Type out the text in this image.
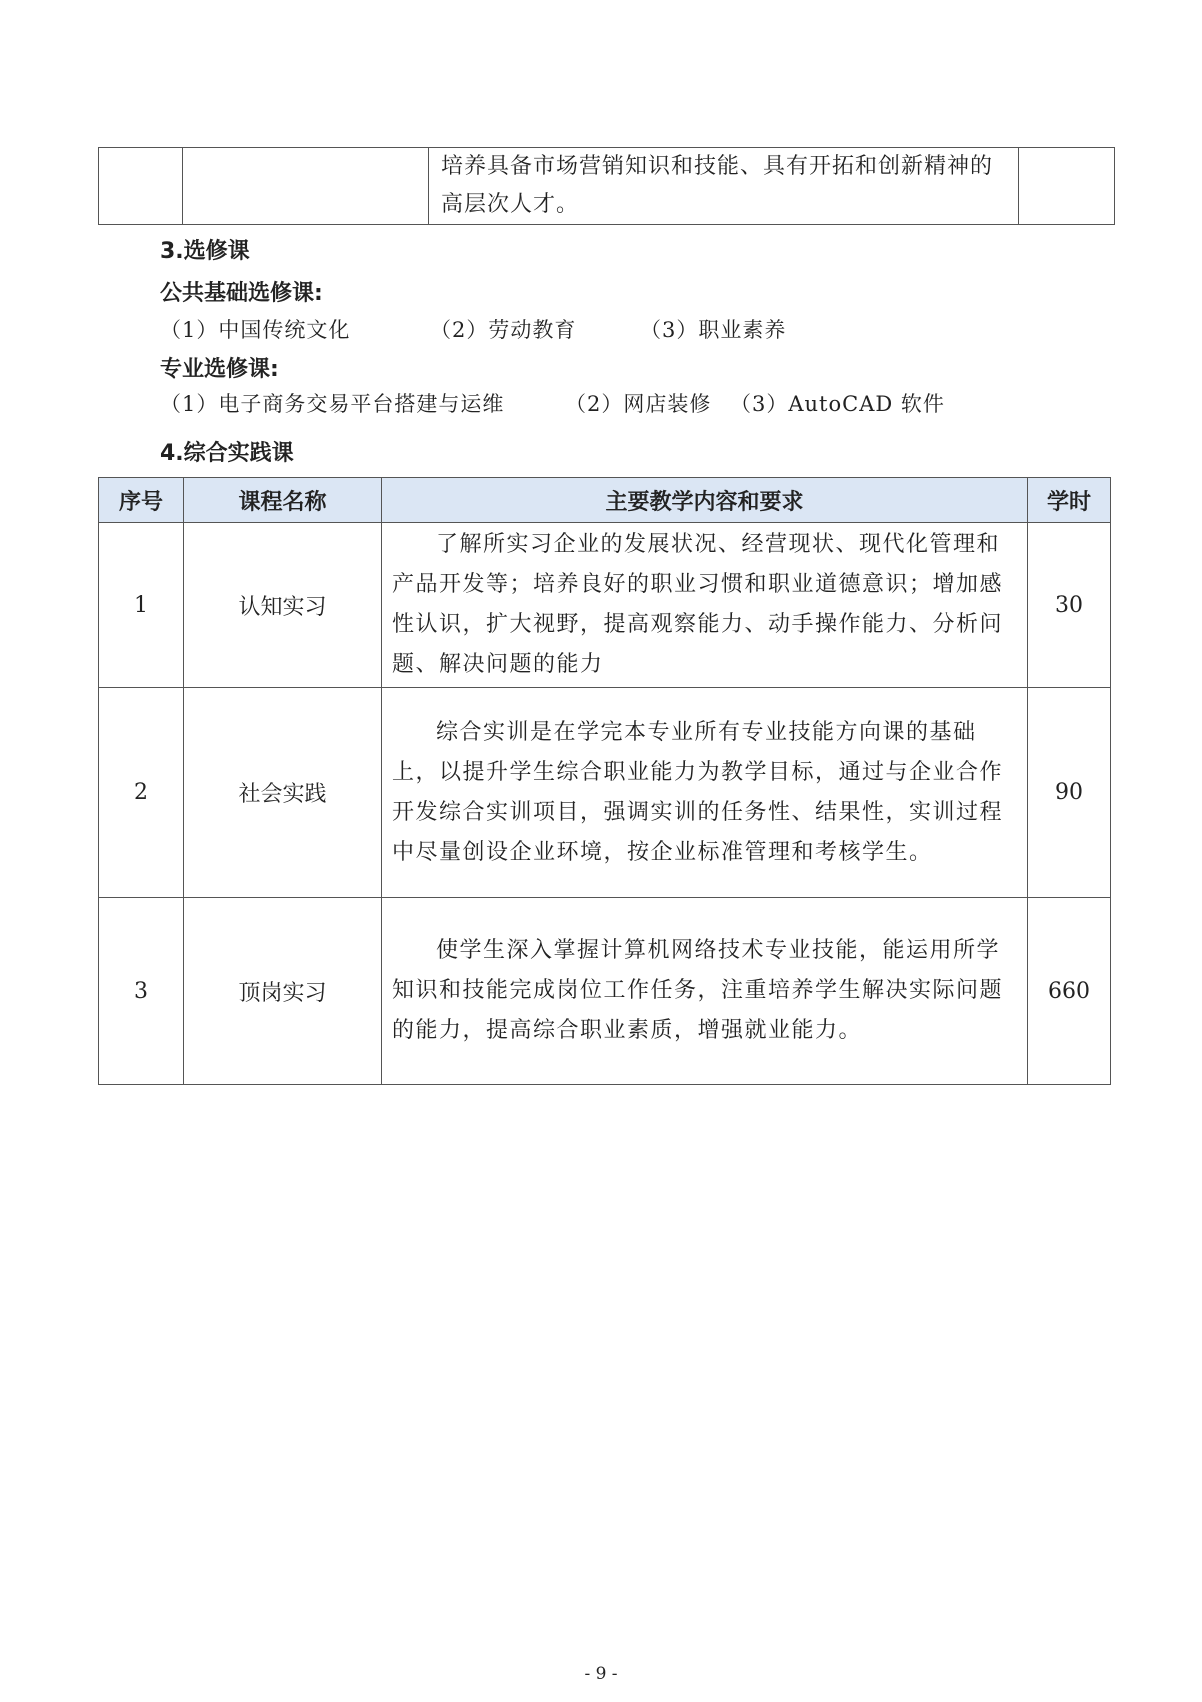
		培养具备市场营销知识和技能、具有开拓和创新精神的高层次人才。	
3.选修课
公共基础选修课:
（1）中国传统文化	（2）劳动教育	（3）职业素养
专业选修课:
（1）电子商务交易平台搭建与运维	（2）网店装修 （3）AutoCAD 软件
4.综合实践课
序号	课程名称	主要教学内容和要求	学时
1	认知实习	了解所实习企业的发展状况、经营现状、现代化管理和产品开发等；培养良好的职业习惯和职业道德意识；增加感性认识，扩大视野，提高观察能力、动手操作能力、分析问题、解决问题的能力	30
2	社会实践	综合实训是在学完本专业所有专业技能方向课的基础上，以提升学生综合职业能力为教学目标，通过与企业合作开发综合实训项目，强调实训的任务性、结果性，实训过程中尽量创设企业环境，按企业标准管理和考核学生。	90
3	顶岗实习	使学生深入掌握计算机网络技术专业技能，能运用所学知识和技能完成岗位工作任务，注重培养学生解决实际问题的能力，提高综合职业素质，增强就业能力。	660
- 9 -
